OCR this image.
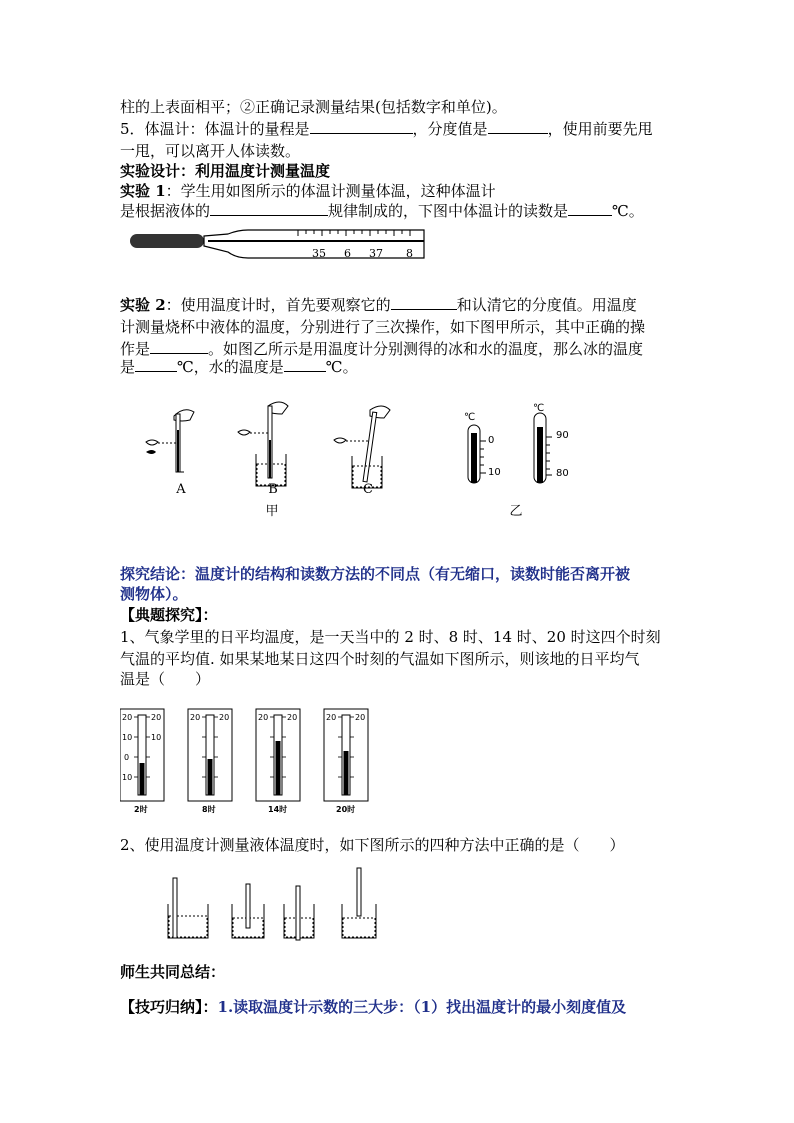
柱的上表面相平；②正确记录测量结果(包括数字和单位)。
5．体温计：体温计的量程是	，分度值是	，使用前要先甩
一甩，可以离开人体读数。
实验设计：利用温度计测量温度
实验 1：学生用如图所示的体温计测量体温，这种体温计
是根据液体的	规律制成的，下图中体温计的读数是	℃。
35 6 37 8
实验 2：使用温度计时，首先要观察它的	和认清它的分度值。用温度
计测量烧杯中液体的温度，分别进行了三次操作，如下图甲所示，其中正确的操
作是	。如图乙所示是用温度计分别测得的冰和水的温度，那么冰的温度
是	℃，水的温度是	℃。
A	B	C
甲
℃
0
10
℃
90
80
乙
探究结论：温度计的结构和读数方法的不同点（有无缩口，读数时能否离开被
测物体）。
【典题探究】：
1、气象学里的日平均温度，是一天当中的 2 时、8 时、14 时、20 时这四个时刻
气温的平均值. 如果某地某日这四个时刻的气温如下图所示，则该地的日平均气
温是（　　）
20
10
0
10
20
10
20 20	20 20	20 20
2时	8时	14时	20时
2、使用温度计测量液体温度时，如下图所示的四种方法中正确的是（　　）
师生共同总结：
【技巧归纳】：1.读取温度计示数的三大步：（1）找出温度计的最小刻度值及
